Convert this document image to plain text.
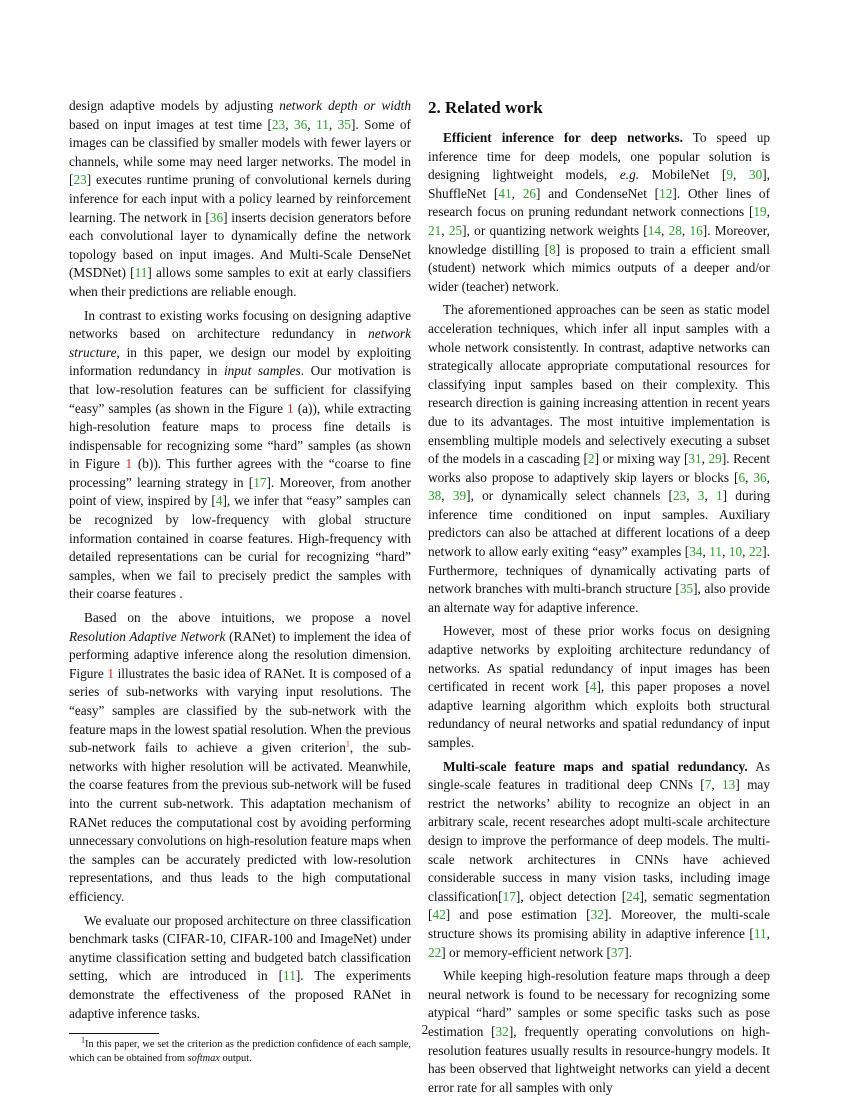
design adaptive models by adjusting network depth or width based on input images at test time [23, 36, 11, 35]. Some of images can be classified by smaller models with fewer layers or channels, while some may need larger networks. The model in [23] executes runtime pruning of convolutional kernels during inference for each input with a policy learned by reinforcement learning. The network in [36] inserts decision generators before each convolutional layer to dynamically define the network topology based on input images. And Multi-Scale DenseNet (MSDNet) [11] allows some samples to exit at early classifiers when their predictions are reliable enough.

In contrast to existing works focusing on designing adaptive networks based on architecture redundancy in network structure, in this paper, we design our model by exploiting information redundancy in input samples. Our motivation is that low-resolution features can be sufficient for classifying “easy” samples (as shown in the Figure 1 (a)), while extracting high-resolution feature maps to process fine details is indispensable for recognizing some “hard” samples (as shown in Figure 1 (b)). This further agrees with the “coarse to fine processing” learning strategy in [17]. Moreover, from another point of view, inspired by [4], we infer that “easy” samples can be recognized by low-frequency with global structure information contained in coarse features. High-frequency with detailed representations can be curial for recognizing “hard” samples, when we fail to precisely predict the samples with their coarse features .

Based on the above intuitions, we propose a novel Resolution Adaptive Network (RANet) to implement the idea of performing adaptive inference along the resolution dimension. Figure 1 illustrates the basic idea of RANet. It is composed of a series of sub-networks with varying input resolutions. The “easy” samples are classified by the sub-network with the feature maps in the lowest spatial resolution. When the previous sub-network fails to achieve a given criterion$^1$, the sub-networks with higher resolution will be activated. Meanwhile, the coarse features from the previous sub-network will be fused into the current sub-network. This adaptation mechanism of RANet reduces the computational cost by avoiding performing unnecessary convolutions on high-resolution feature maps when the samples can be accurately predicted with low-resolution representations, and thus leads to the high computational efficiency.

We evaluate our proposed architecture on three classification benchmark tasks (CIFAR-10, CIFAR-100 and ImageNet) under anytime classification setting and budgeted batch classification setting, which are introduced in [11]. The experiments demonstrate the effectiveness of the proposed RANet in adaptive inference tasks.

$^1$In this paper, we set the criterion as the prediction confidence of each sample, which can be obtained from softmax output.

2. Related work

Efficient inference for deep networks. To speed up inference time for deep models, one popular solution is designing lightweight models, e.g. MobileNet [9, 30], ShuffleNet [41, 26] and CondenseNet [12]. Other lines of research focus on pruning redundant network connections [19, 21, 25], or quantizing network weights [14, 28, 16]. Moreover, knowledge distilling [8] is proposed to train a efficient small (student) network which mimics outputs of a deeper and/or wider (teacher) network.

The aforementioned approaches can be seen as static model acceleration techniques, which infer all input samples with a whole network consistently. In contrast, adaptive networks can strategically allocate appropriate computational resources for classifying input samples based on their complexity. This research direction is gaining increasing attention in recent years due to its advantages. The most intuitive implementation is ensembling multiple models and selectively executing a subset of the models in a cascading [2] or mixing way [31, 29]. Recent works also propose to adaptively skip layers or blocks [6, 36, 38, 39], or dynamically select channels [23, 3, 1] during inference time conditioned on input samples. Auxiliary predictors can also be attached at different locations of a deep network to allow early exiting “easy” examples [34, 11, 10, 22]. Furthermore, techniques of dynamically activating parts of network branches with multi-branch structure [35], also provide an alternate way for adaptive inference.

However, most of these prior works focus on designing adaptive networks by exploiting architecture redundancy of networks. As spatial redundancy of input images has been certificated in recent work [4], this paper proposes a novel adaptive learning algorithm which exploits both structural redundancy of neural networks and spatial redundancy of input samples.

Multi-scale feature maps and spatial redundancy. As single-scale features in traditional deep CNNs [7, 13] may restrict the networks’ ability to recognize an object in an arbitrary scale, recent researches adopt multi-scale architecture design to improve the performance of deep models. The multi-scale network architectures in CNNs have achieved considerable success in many vision tasks, including image classification[17], object detection [24], sematic segmentation [42] and pose estimation [32]. Moreover, the multi-scale structure shows its promising ability in adaptive inference [11, 22] or memory-efficient network [37].

While keeping high-resolution feature maps through a deep neural network is found to be necessary for recognizing some atypical “hard” samples or some specific tasks such as pose estimation [32], frequently operating convolutions on high-resolution features usually results in resource-hungry models. It has been observed that lightweight networks can yield a decent error rate for all samples with only

2
